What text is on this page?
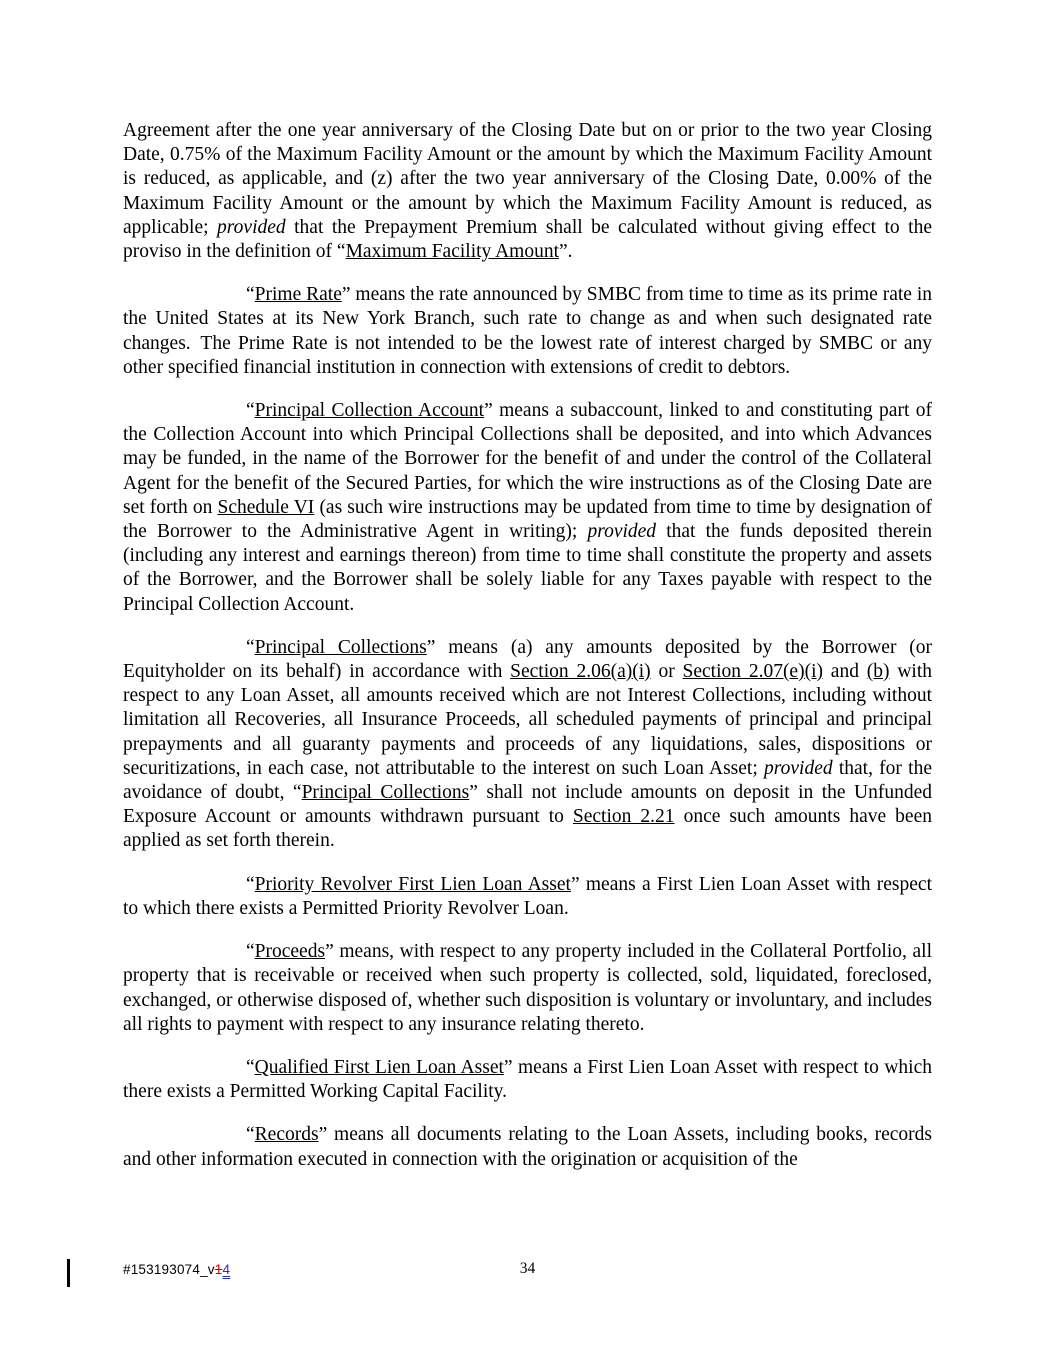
Agreement after the one year anniversary of the Closing Date but on or prior to the two year Closing Date, 0.75% of the Maximum Facility Amount or the amount by which the Maximum Facility Amount is reduced, as applicable, and (z) after the two year anniversary of the Closing Date, 0.00% of the Maximum Facility Amount or the amount by which the Maximum Facility Amount is reduced, as applicable; provided that the Prepayment Premium shall be calculated without giving effect to the proviso in the definition of “Maximum Facility Amount”.

“Prime Rate” means the rate announced by SMBC from time to time as its prime rate in the United States at its New York Branch, such rate to change as and when such designated rate changes. The Prime Rate is not intended to be the lowest rate of interest charged by SMBC or any other specified financial institution in connection with extensions of credit to debtors.

“Principal Collection Account” means a subaccount, linked to and constituting part of the Collection Account into which Principal Collections shall be deposited, and into which Advances may be funded, in the name of the Borrower for the benefit of and under the control of the Collateral Agent for the benefit of the Secured Parties, for which the wire instructions as of the Closing Date are set forth on Schedule VI (as such wire instructions may be updated from time to time by designation of the Borrower to the Administrative Agent in writing); provided that the funds deposited therein (including any interest and earnings thereon) from time to time shall constitute the property and assets of the Borrower, and the Borrower shall be solely liable for any Taxes payable with respect to the Principal Collection Account.

“Principal Collections” means (a) any amounts deposited by the Borrower (or Equityholder on its behalf) in accordance with Section 2.06(a)(i) or Section 2.07(e)(i) and (b) with respect to any Loan Asset, all amounts received which are not Interest Collections, including without limitation all Recoveries, all Insurance Proceeds, all scheduled payments of principal and principal prepayments and all guaranty payments and proceeds of any liquidations, sales, dispositions or securitizations, in each case, not attributable to the interest on such Loan Asset; provided that, for the avoidance of doubt, “Principal Collections” shall not include amounts on deposit in the Unfunded Exposure Account or amounts withdrawn pursuant to Section 2.21 once such amounts have been applied as set forth therein.

“Priority Revolver First Lien Loan Asset” means a First Lien Loan Asset with respect to which there exists a Permitted Priority Revolver Loan.

“Proceeds” means, with respect to any property included in the Collateral Portfolio, all property that is receivable or received when such property is collected, sold, liquidated, foreclosed, exchanged, or otherwise disposed of, whether such disposition is voluntary or involuntary, and includes all rights to payment with respect to any insurance relating thereto.

“Qualified First Lien Loan Asset” means a First Lien Loan Asset with respect to which there exists a Permitted Working Capital Facility.

“Records” means all documents relating to the Loan Assets, including books, records and other information executed in connection with the origination or acquisition of the

#153193074_v14	34
